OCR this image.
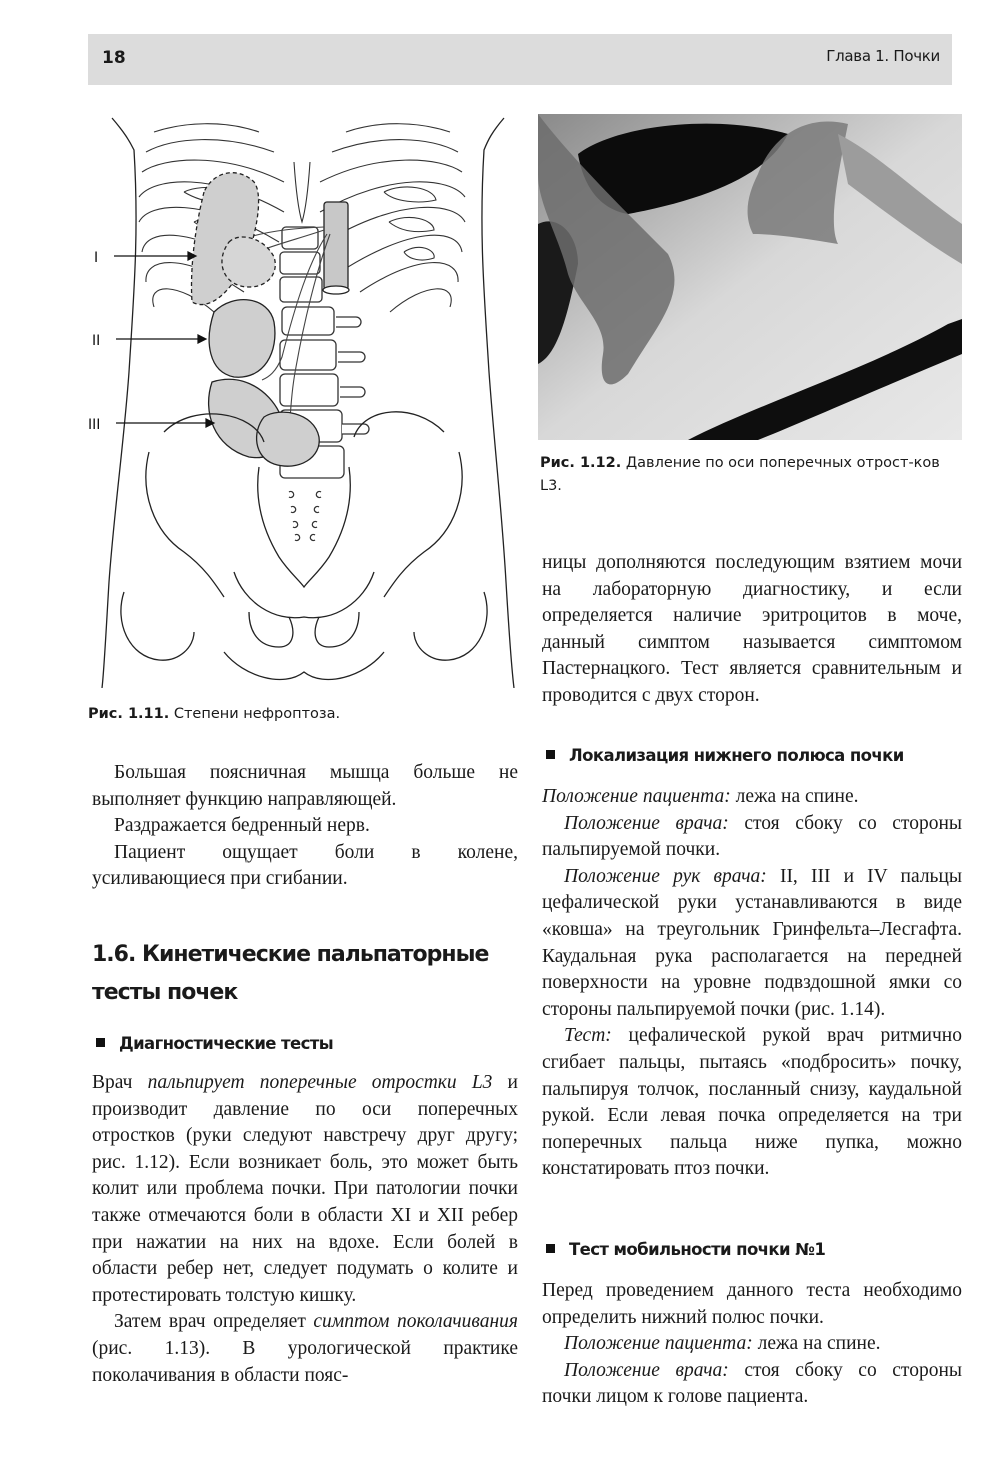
18	Глава 1. Почки
I
II
III
Рис. 1.12. Давление по оси поперечных отрост-ков L3.
Рис. 1.11. Степени нефроптоза.

Большая поясничная мышца больше не выполняет функцию направляющей.

Раздражается бедренный нерв.

Пациент ощущает боли в колене, усиливающиеся при сгибании.

1.6. Кинетические пальпаторные
тесты почек
Диагностические тесты

Врач пальпирует поперечные отростки L3 и производит давление по оси поперечных отростков (руки следуют навстречу друг другу; рис. 1.12). Если возникает боль, это может быть колит или проблема почки. При патологии почки также отмечаются боли в области XI и XII ребер при нажатии на них на вдохе. Если болей в области ребер нет, следует подумать о колите и протестировать толстую кишку.

Затем врач определяет симптом поколачивания (рис. 1.13). В урологической практике поколачивания в области пояс-

ницы дополняются последующим взятием мочи на лабораторную диагностику, и если определяется наличие эритроцитов в моче, данный симптом называется симптомом Пастернацкого. Тест является сравнительным и проводится с двух сторон.

Локализация нижнего полюса почки

Положение пациента: лежа на спине.

Положение врача: стоя сбоку со стороны пальпируемой почки.

Положение рук врача: II, III и IV пальцы цефалической руки устанавливаются в виде «ковша» на треугольник Гринфельта–Лесгафта. Каудальная рука располагается на передней поверхности на уровне подвздошной ямки со стороны пальпируемой почки (рис. 1.14).

Тест: цефалической рукой врач ритмично сгибает пальцы, пытаясь «подбросить» почку, пальпируя толчок, посланный снизу, каудальной рукой. Если левая почка определяется на три поперечных пальца ниже пупка, можно констатировать птоз почки.

Тест мобильности почки №1

Перед проведением данного теста необходимо определить нижний полюс почки.

Положение пациента: лежа на спине.

Положение врача: стоя сбоку со стороны почки лицом к голове пациента.
